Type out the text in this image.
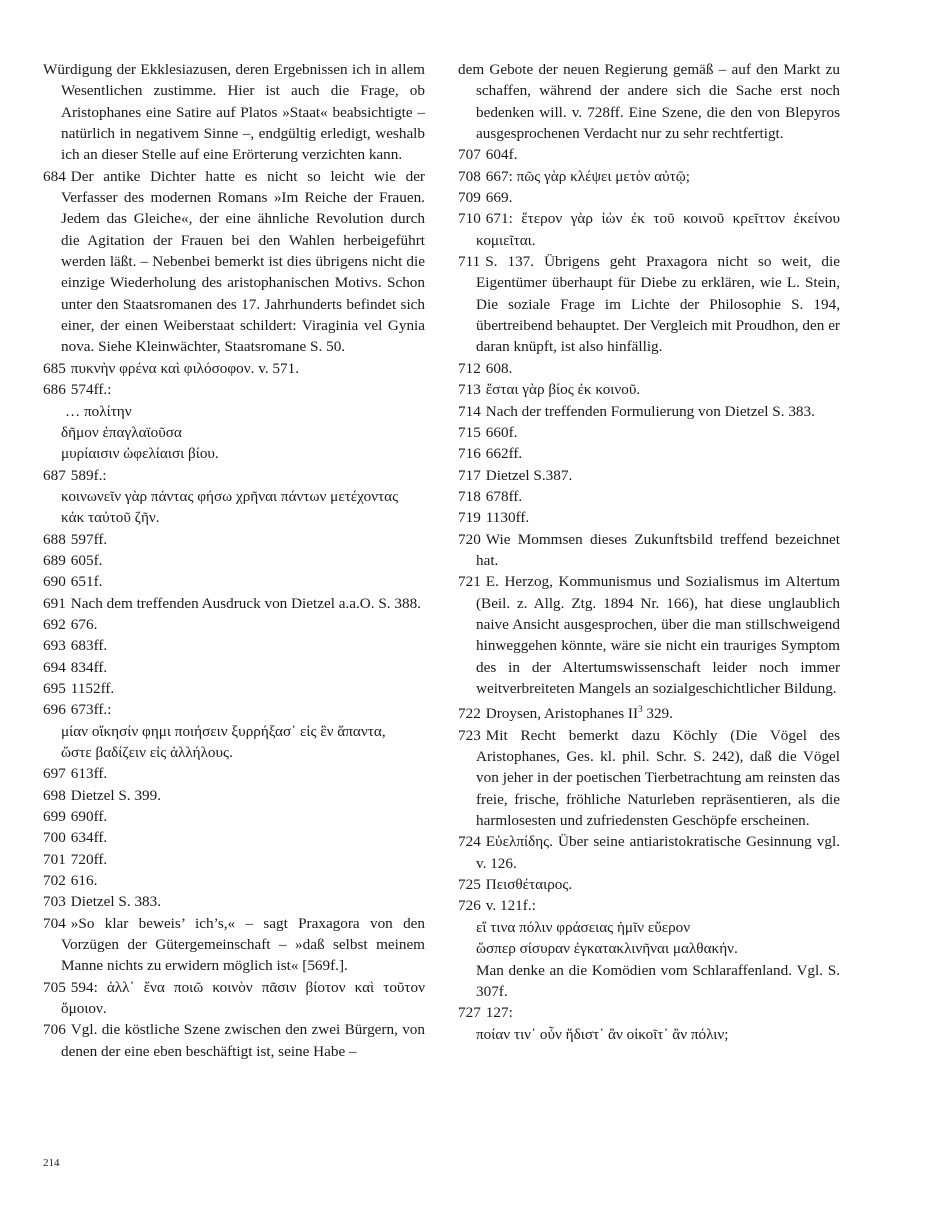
Würdigung der Ekklesiazusen, deren Ergebnissen ich in allem Wesentlichen zustimme. Hier ist auch die Frage, ob Aristophanes eine Satire auf Platos »Staat« beabsichtigte – natürlich in negativem Sinne –, endgültig erledigt, weshalb ich an dieser Stelle auf eine Erörterung verzichten kann.
684 Der antike Dichter hatte es nicht so leicht wie der Verfasser des modernen Romans »Im Reiche der Frauen. Jedem das Gleiche«, der eine ähnliche Revolution durch die Agitation der Frauen bei den Wahlen herbeigeführt werden läßt. – Nebenbei bemerkt ist dies übrigens nicht die einzige Wiederholung des aristophanischen Motivs. Schon unter den Staatsromanen des 17. Jahrhunderts befindet sich einer, der einen Weiberstaat schildert: Viraginia vel Gynia nova. Siehe Kleinwächter, Staatsromane S. 50.
685 πυκνὴν φρένα καὶ φιλόσοφον. v. 571.
686 574ff.:
… πολίτην
δῆμον ἐπαγλαϊοῦσα
μυρίαισιν ὠφελίαισι βίου.
687 589f.:
κοινωνεῖν γὰρ πάντας φήσω χρῆναι πάντων μετέχοντας
κἀκ ταὐτοῦ ζῆν.
688 597ff.
689 605f.
690 651f.
691 Nach dem treffenden Ausdruck von Dietzel a.a.O. S. 388.
692 676.
693 683ff.
694 834ff.
695 1152ff.
696 673ff.:
μίαν οἴκησίν φημι ποιήσειν ξυρρήξασ᾽ εἰς ἓν ἅπαντα,
ὥστε βαδίζειν εἰς ἀλλήλους.
697 613ff.
698 Dietzel S. 399.
699 690ff.
700 634ff.
701 720ff.
702 616.
703 Dietzel S. 383.
704 »So klar beweis’ ich’s,« – sagt Praxagora von den Vorzügen der Gütergemeinschaft – »daß selbst meinem Manne nichts zu erwidern möglich ist« [569f.].
705 594: ἀλλ᾽ ἕνα ποιῶ κοινὸν πᾶσιν βίοτον καὶ τοῦτον ὅμοιον.
706 Vgl. die köstliche Szene zwischen den zwei Bürgern, von denen der eine eben beschäftigt ist, seine Habe –
dem Gebote der neuen Regierung gemäß – auf den Markt zu schaffen, während der andere sich die Sache erst noch bedenken will. v. 728ff. Eine Szene, die den von Blepyros ausgesprochenen Verdacht nur zu sehr rechtfertigt.
707 604f.
708 667: πῶς γὰρ κλέψει μετὸν αὐτῷ;
709 669.
710 671: ἕτερον γὰρ ἰὼν ἐκ τοῦ κοινοῦ κρεῖττον ἐκείνου κομιεῖται.
711 S. 137. Übrigens geht Praxagora nicht so weit, die Eigentümer überhaupt für Diebe zu erklären, wie L. Stein, Die soziale Frage im Lichte der Philosophie S. 194, übertreibend behauptet. Der Vergleich mit Proudhon, den er daran knüpft, ist also hinfällig.
712 608.
713 ἔσται γὰρ βίος ἐκ κοινοῦ.
714 Nach der treffenden Formulierung von Dietzel S. 383.
715 660f.
716 662ff.
717 Dietzel S.387.
718 678ff.
719 1130ff.
720 Wie Mommsen dieses Zukunftsbild treffend bezeichnet hat.
721 E. Herzog, Kommunismus und Sozialismus im Altertum (Beil. z. Allg. Ztg. 1894 Nr. 166), hat diese unglaublich naive Ansicht ausgesprochen, über die man stillschweigend hinweggehen könnte, wäre sie nicht ein trauriges Symptom des in der Altertumswissenschaft leider noch immer weitverbreiteten Mangels an sozialgeschichtlicher Bildung.
722 Droysen, Aristophanes $II^3$ 329.
723 Mit Recht bemerkt dazu Köchly (Die Vögel des Aristophanes, Ges. kl. phil. Schr. S. 242), daß die Vögel von jeher in der poetischen Tierbetrachtung am reinsten das freie, frische, fröhliche Naturleben repräsentieren, als die harmlosesten und zufriedensten Geschöpfe erscheinen.
724 Εὐελπίδης. Über seine antiaristokratische Gesinnung vgl. v. 126.
725 Πεισθέταιρος.
726 v. 121f.:
εἴ τινα πόλιν φράσειας ἡμῖν εὔερον
ὥσπερ σίσυραν ἐγκατακλινῆναι μαλθακήν.
Man denke an die Komödien vom Schlaraffenland. Vgl. S. 307f.
727 127:
ποίαν τιν᾽ οὖν ἥδιστ᾽ ἂν οἰκοῖτ᾽ ἂν πόλιν;
214
